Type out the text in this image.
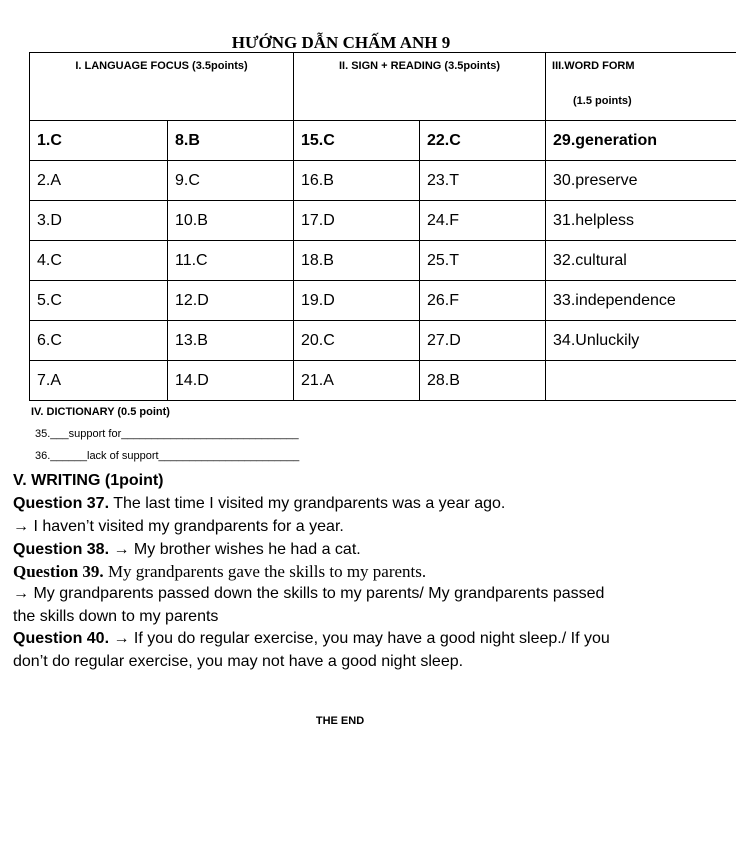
HƯỚNG DẪN CHẤM ANH 9
I. LANGUAGE FOCUS (3.5points)		II. SIGN + READING (3.5points)		III.WORD FORM
(1.5 points)

1.C	8.B	15.C	22.C	29.generation
2.A	9.C	16.B	23.T	30.preserve
3.D	10.B	17.D	24.F	31.helpless
4.C	11.C	18.B	25.T	32.cultural
5.C	12.D	19.D	26.F	33.independence
6.C	13.B	20.C	27.D	34.Unluckily
7.A	14.D	21.A	28.B	
IV. DICTIONARY (0.5 point)
35.___support for_____________________________
36.______lack of support_______________________
V. WRITING (1point)
Question 37. The last time I visited my grandparents was a year ago.
→ I haven’t visited my grandparents for a year.
Question 38. → My brother wishes he had a cat.
Question 39. My grandparents gave the skills to my parents.
→ My grandparents passed down the skills to my parents/ My grandparents passed
the skills down to my parents
Question 40. → If you do regular exercise, you may have a good night sleep./ If you
don’t do regular exercise, you may not have a good night sleep.
THE END
